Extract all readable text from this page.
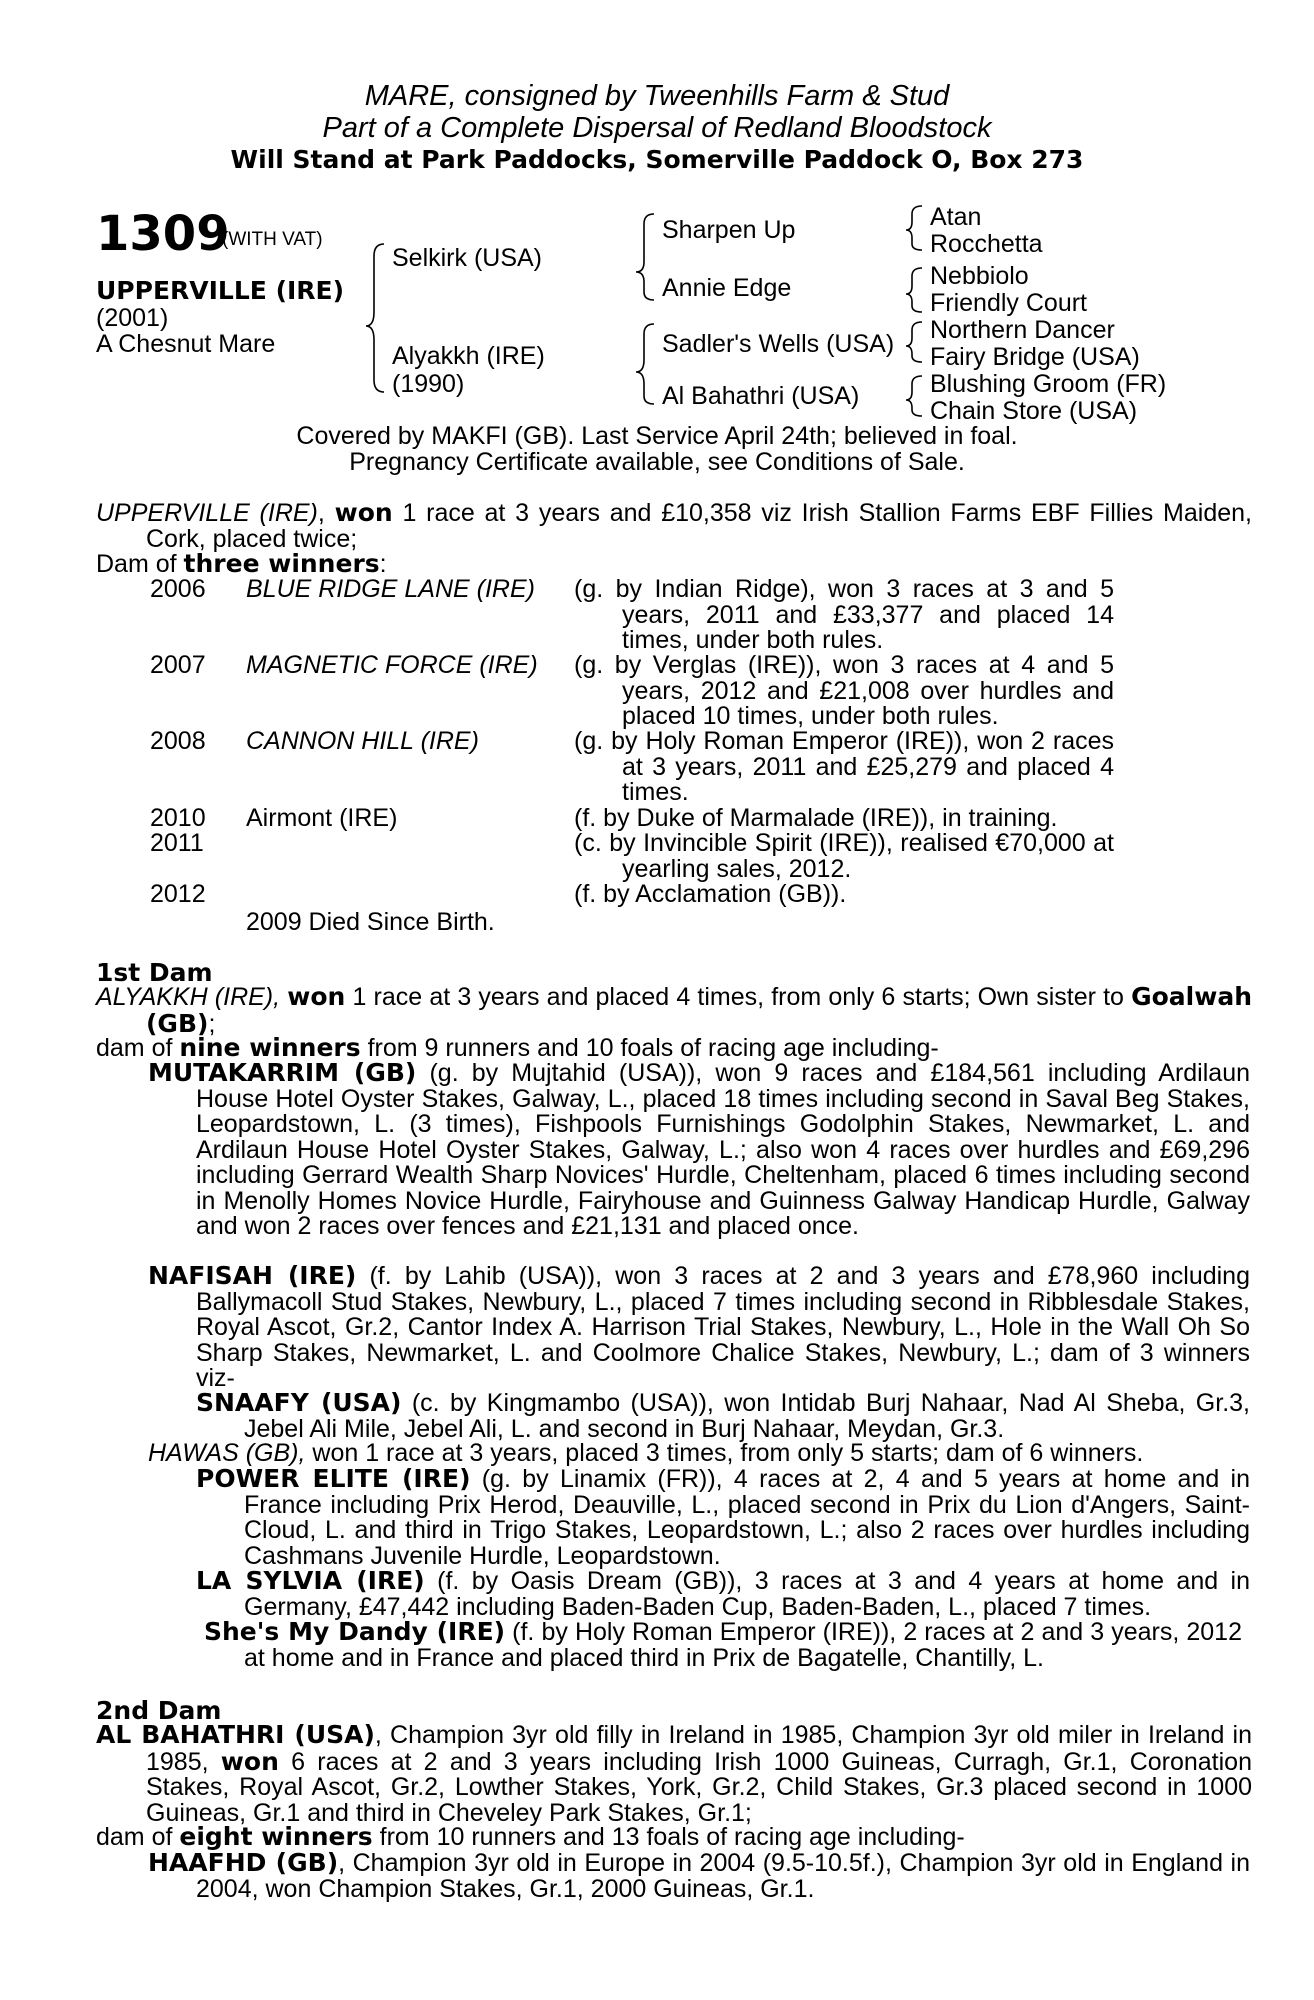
MARE, consigned by Tweenhills Farm & Stud
Part of a Complete Dispersal of Redland Bloodstock
Will Stand at Park Paddocks, Somerville Paddock O, Box 273
1309
(WITH VAT)
UPPERVILLE (IRE)
(2001)
A Chesnut Mare
Selkirk (USA)
Alyakkh (IRE)
(1990)
Sharpen Up
Annie Edge
Sadler's Wells (USA)
Al Bahathri (USA)
Atan
Rocchetta
Nebbiolo
Friendly Court
Northern Dancer
Fairy Bridge (USA)
Blushing Groom (FR)
Chain Store (USA)
Covered by MAKFI (GB). Last Service April 24th; believed in foal.
Pregnancy Certificate available, see Conditions of Sale.
UPPERVILLE (IRE), won 1 race at 3 years and £10,358 viz Irish Stallion Farms EBF Fillies Maiden, Cork, placed twice;
Dam of three winners:
2006 BLUE RIDGE LANE (IRE) (g. by Indian Ridge), won 3 races at 3 and 5 years, 2011 and £33,377 and placed 14 times, under both rules.
2007 MAGNETIC FORCE (IRE) (g. by Verglas (IRE)), won 3 races at 4 and 5 years, 2012 and £21,008 over hurdles and placed 10 times, under both rules.
2008 CANNON HILL (IRE)	(g. by Holy Roman Emperor (IRE)), won 2 races at 3 years, 2011 and £25,279 and placed 4 times.
2010 Airmont (IRE)	(f. by Duke of Marmalade (IRE)), in training.
2011	(c. by Invincible Spirit (IRE)), realised €70,000 at yearling sales, 2012.
2012	(f. by Acclamation (GB)).
2009 Died Since Birth.
1st Dam
ALYAKKH (IRE), won 1 race at 3 years and placed 4 times, from only 6 starts; Own sister to Goalwah (GB);
dam of nine winners from 9 runners and 10 foals of racing age including-
MUTAKARRIM (GB) (g. by Mujtahid (USA)), won 9 races and £184,561 including Ardilaun House Hotel Oyster Stakes, Galway, L., placed 18 times including second in Saval Beg Stakes, Leopardstown, L. (3 times), Fishpools Furnishings Godolphin Stakes, Newmarket, L. and Ardilaun House Hotel Oyster Stakes, Galway, L.; also won 4 races over hurdles and £69,296 including Gerrard Wealth Sharp Novices' Hurdle, Cheltenham, placed 6 times including second in Menolly Homes Novice Hurdle, Fairyhouse and Guinness Galway Handicap Hurdle, Galway and won 2 races over fences and £21,131 and placed once.
NAFISAH (IRE) (f. by Lahib (USA)), won 3 races at 2 and 3 years and £78,960 including Ballymacoll Stud Stakes, Newbury, L., placed 7 times including second in Ribblesdale Stakes, Royal Ascot, Gr.2, Cantor Index A. Harrison Trial Stakes, Newbury, L., Hole in the Wall Oh So Sharp Stakes, Newmarket, L. and Coolmore Chalice Stakes, Newbury, L.; dam of 3 winners viz-
SNAAFY (USA) (c. by Kingmambo (USA)), won Intidab Burj Nahaar, Nad Al Sheba, Gr.3, Jebel Ali Mile, Jebel Ali, L. and second in Burj Nahaar, Meydan, Gr.3.
HAWAS (GB), won 1 race at 3 years, placed 3 times, from only 5 starts; dam of 6 winners.
POWER ELITE (IRE) (g. by Linamix (FR)), 4 races at 2, 4 and 5 years at home and in France including Prix Herod, Deauville, L., placed second in Prix du Lion d'Angers, Saint-Cloud, L. and third in Trigo Stakes, Leopardstown, L.; also 2 races over hurdles including Cashmans Juvenile Hurdle, Leopardstown.
LA SYLVIA (IRE) (f. by Oasis Dream (GB)), 3 races at 3 and 4 years at home and in Germany, £47,442 including Baden-Baden Cup, Baden-Baden, L., placed 7 times.
She's My Dandy (IRE) (f. by Holy Roman Emperor (IRE)), 2 races at 2 and 3 years, 2012 at home and in France and placed third in Prix de Bagatelle, Chantilly, L.
2nd Dam
AL BAHATHRI (USA), Champion 3yr old filly in Ireland in 1985, Champion 3yr old miler in Ireland in 1985, won 6 races at 2 and 3 years including Irish 1000 Guineas, Curragh, Gr.1, Coronation Stakes, Royal Ascot, Gr.2, Lowther Stakes, York, Gr.2, Child Stakes, Gr.3 placed second in 1000 Guineas, Gr.1 and third in Cheveley Park Stakes, Gr.1;
dam of eight winners from 10 runners and 13 foals of racing age including-
HAAFHD (GB), Champion 3yr old in Europe in 2004 (9.5-10.5f.), Champion 3yr old in England in 2004, won Champion Stakes, Gr.1, 2000 Guineas, Gr.1.
